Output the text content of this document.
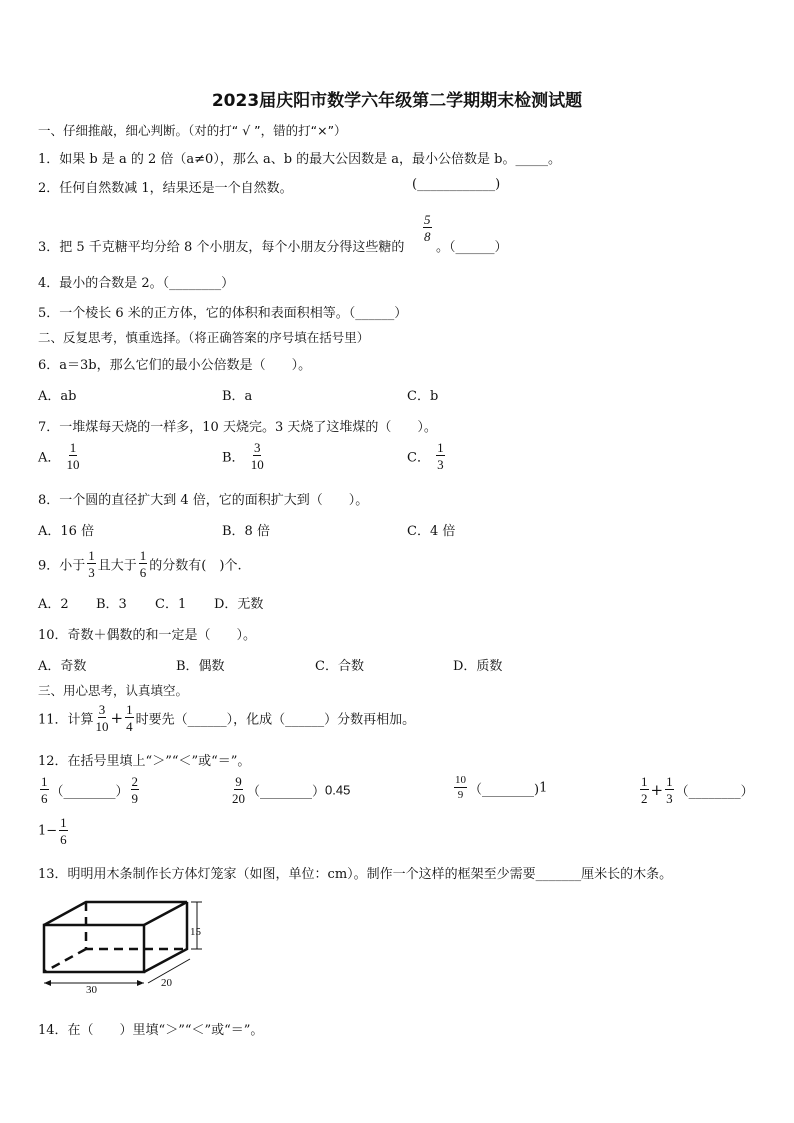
2023届庆阳市数学六年级第二学期期末检测试题
一、仔细推敲，细心判断。（对的打“ √ ”，错的打“×”）
1．如果 b 是 a 的 2 倍（a≠0），那么 a、b 的最大公因数是 a，最小公倍数是 b。_____。
2．任何自然数减 1，结果还是一个自然数。	(____________)
3．把 5 千克糖平均分给 8 个小朋友，每个小朋友分得这些糖的
$\frac{5}{8}$
。（______）
4．最小的合数是 2。（________）
5．一个棱长 6 米的正方体，它的体积和表面积相等。（______）
二、反复思考，慎重选择。（将正确答案的序号填在括号里）
6．a＝3b，那么它们的最小公倍数是（　　）。
A．ab	B．a	C．b
7．一堆煤每天烧的一样多，10 天烧完。3 天烧了这堆煤的（　　）。
A． $\frac{1}{10}$	B． $\frac{3}{10}$	C． $\frac{1}{3}$
8．一个圆的直径扩大到 4 倍，它的面积扩大到（　　）。
A．16 倍	B．8 倍	C．4 倍
9．小于 $\frac{1}{3}$ 且大于 $\frac{1}{6}$ 的分数有(　)个.
A．2 B．3 C．1 D．无数
10．奇数＋偶数的和一定是（　　）。
A．奇数	B．偶数	C．合数	D．质数
三、用心思考，认真填空。
11．计算 $\frac{3}{10} + \frac{1}{4}$ 时要先（______），化成（______）分数再相加。
12．在括号里填上“＞”“＜”或“＝”。
$\frac{1}{6}$ （________） $\frac{2}{9}$	$\frac{9}{20}$ （________）0.45	$\frac{10}{9}$ （________)1	$\frac{1}{2} + \frac{1}{3}$ （________）
$1- \frac{1}{6}$
13．明明用木条制作长方体灯笼家（如图，单位：cm）。制作一个这样的框架至少需要_______厘米长的木条。
15
30
20
14．在（　　）里填“＞”“＜”或“＝”。
